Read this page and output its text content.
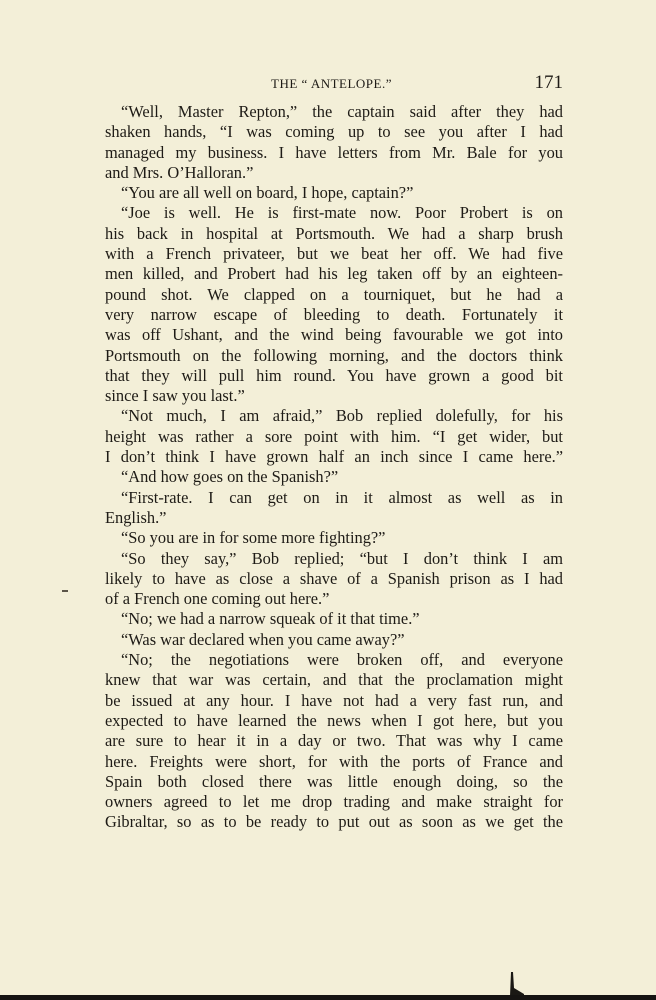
THE “ ANTELOPE.”	171
“Well, Master Repton,” the captain said after they had
shaken hands, “I was coming up to see you after I had
managed my business. I have letters from Mr. Bale for you
and Mrs. O’Halloran.”
“You are all well on board, I hope, captain?”
“Joe is well. He is first-mate now. Poor Probert is on
his back in hospital at Portsmouth. We had a sharp brush
with a French privateer, but we beat her off. We had five
men killed, and Probert had his leg taken off by an eighteen-
pound shot. We clapped on a tourniquet, but he had a
very narrow escape of bleeding to death. Fortunately it
was off Ushant, and the wind being favourable we got into
Portsmouth on the following morning, and the doctors think
that they will pull him round. You have grown a good bit
since I saw you last.”
“Not much, I am afraid,” Bob replied dolefully, for his
height was rather a sore point with him. “I get wider, but
I don’t think I have grown half an inch since I came here.”
“And how goes on the Spanish?”
“First-rate. I can get on in it almost as well as in
English.”
“So you are in for some more fighting?”
“So they say,” Bob replied; “but I don’t think I am
likely to have as close a shave of a Spanish prison as I had
of a French one coming out here.”
“No; we had a narrow squeak of it that time.”
“Was war declared when you came away?”
“No; the negotiations were broken off, and everyone
knew that war was certain, and that the proclamation might
be issued at any hour. I have not had a very fast run, and
expected to have learned the news when I got here, but you
are sure to hear it in a day or two. That was why I came
here. Freights were short, for with the ports of France and
Spain both closed there was little enough doing, so the
owners agreed to let me drop trading and make straight for
Gibraltar, so as to be ready to put out as soon as we get the
